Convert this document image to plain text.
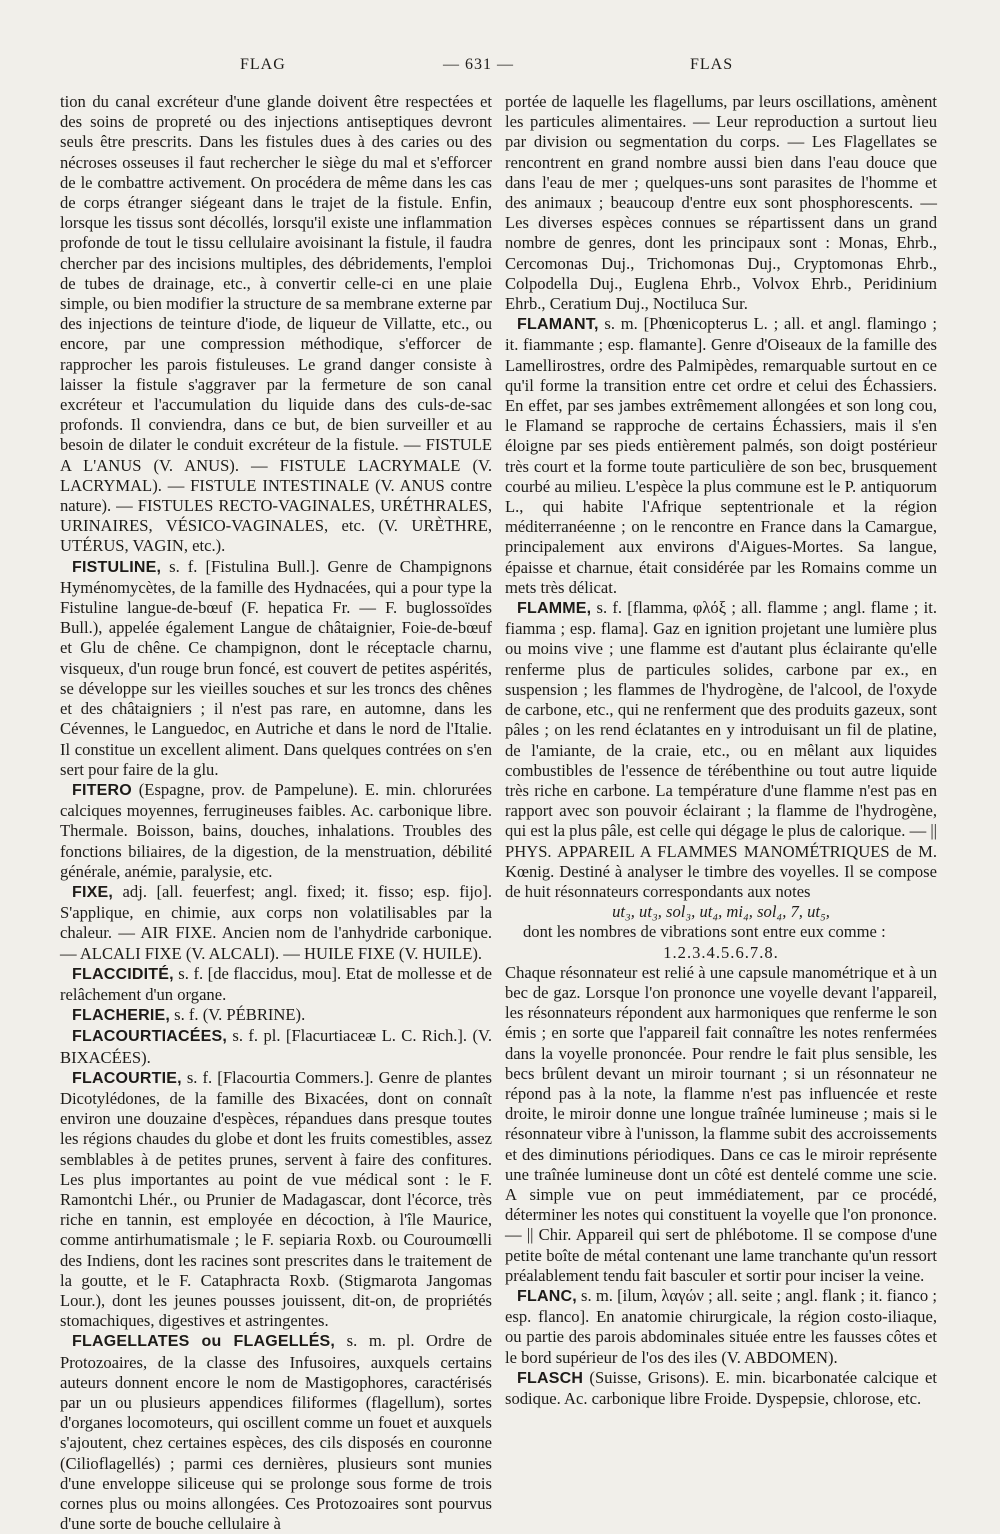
FLAG	— 631 —	FLAS

tion du canal excréteur d'une glande doivent être respectées et des soins de propreté ou des injections antiseptiques devront seuls être prescrits. Dans les fistules dues à des caries ou des nécroses osseuses il faut rechercher le siège du mal et s'efforcer de le combattre activement. On procédera de même dans les cas de corps étranger siégeant dans le trajet de la fistule. Enfin, lorsque les tissus sont décollés, lorsqu'il existe une inflammation profonde de tout le tissu cellulaire avoisinant la fistule, il faudra chercher par des incisions multiples, des débridements, l'emploi de tubes de drainage, etc., à convertir celle-ci en une plaie simple, ou bien modifier la structure de sa membrane externe par des injections de teinture d'iode, de liqueur de Villatte, etc., ou encore, par une compression méthodique, s'efforcer de rapprocher les parois fistuleuses. Le grand danger consiste à laisser la fistule s'aggraver par la fermeture de son canal excréteur et l'accumulation du liquide dans des culs-de-sac profonds. Il conviendra, dans ce but, de bien surveiller et au besoin de dilater le conduit excréteur de la fistule. — FISTULE A L'ANUS (V. ANUS). — FISTULE LACRYMALE (V. LACRYMAL). — FISTULE INTESTINALE (V. ANUS contre nature). — FISTULES RECTO-VAGINALES, URÉTHRALES, URINAIRES, VÉSICO-VAGINALES, etc. (V. URÈTHRE, UTÉRUS, VAGIN, etc.).

FISTULINE, s. f. [Fistulina Bull.]. Genre de Champignons Hyménomycètes, de la famille des Hydnacées, qui a pour type la Fistuline langue-de-bœuf (F. hepatica Fr. — F. buglossoïdes Bull.), appelée également Langue de châtaignier, Foie-de-bœuf et Glu de chêne. Ce champignon, dont le réceptacle charnu, visqueux, d'un rouge brun foncé, est couvert de petites aspérités, se développe sur les vieilles souches et sur les troncs des chênes et des châtaigniers ; il n'est pas rare, en automne, dans les Cévennes, le Languedoc, en Autriche et dans le nord de l'Italie. Il constitue un excellent aliment. Dans quelques contrées on s'en sert pour faire de la glu.

FITERO (Espagne, prov. de Pampelune). E. min. chlorurées calciques moyennes, ferrugineuses faibles. Ac. carbonique libre. Thermale. Boisson, bains, douches, inhalations. Troubles des fonctions biliaires, de la digestion, de la menstruation, débilité générale, anémie, paralysie, etc.

FIXE, adj. [all. feuerfest; angl. fixed; it. fisso; esp. fijo]. S'applique, en chimie, aux corps non volatilisables par la chaleur. — AIR FIXE. Ancien nom de l'anhydride carbonique. — ALCALI FIXE (V. ALCALI). — HUILE FIXE (V. HUILE).

FLACCIDITÉ, s. f. [de flaccidus, mou]. Etat de mollesse et de relâchement d'un organe.

FLACHERIE, s. f. (V. PÉBRINE).

FLACOURTIACÉES, s. f. pl. [Flacurtiaceæ L. C. Rich.]. (V. BIXACÉES).

FLACOURTIE, s. f. [Flacourtia Commers.]. Genre de plantes Dicotylédones, de la famille des Bixacées, dont on connaît environ une douzaine d'espèces, répandues dans presque toutes les régions chaudes du globe et dont les fruits comestibles, assez semblables à de petites prunes, servent à faire des confitures. Les plus importantes au point de vue médical sont : le F. Ramontchi Lhér., ou Prunier de Madagascar, dont l'écorce, très riche en tannin, est employée en décoction, à l'île Maurice, comme antirhumatismale ; le F. sepiaria Roxb. ou Couroumœlli des Indiens, dont les racines sont prescrites dans le traitement de la goutte, et le F. Cataphracta Roxb. (Stigmarota Jangomas Lour.), dont les jeunes pousses jouissent, dit-on, de propriétés stomachiques, digestives et astringentes.

FLAGELLATES ou FLAGELLÉS, s. m. pl. Ordre de Protozoaires, de la classe des Infusoires, auxquels certains auteurs donnent encore le nom de Mastigophores, caractérisés par un ou plusieurs appendices filiformes (flagellum), sortes d'organes locomoteurs, qui oscillent comme un fouet et auxquels s'ajoutent, chez certaines espèces, des cils disposés en couronne (Cilioflagellés) ; parmi ces dernières, plusieurs sont munies d'une enveloppe siliceuse qui se prolonge sous forme de trois cornes plus ou moins allongées. Ces Protozoaires sont pourvus d'une sorte de bouche cellulaire à

portée de laquelle les flagellums, par leurs oscillations, amènent les particules alimentaires. — Leur reproduction a surtout lieu par division ou segmentation du corps. — Les Flagellates se rencontrent en grand nombre aussi bien dans l'eau douce que dans l'eau de mer ; quelques-uns sont parasites de l'homme et des animaux ; beaucoup d'entre eux sont phosphorescents. — Les diverses espèces connues se répartissent dans un grand nombre de genres, dont les principaux sont : Monas, Ehrb., Cercomonas Duj., Trichomonas Duj., Cryptomonas Ehrb., Colpodella Duj., Euglena Ehrb., Volvox Ehrb., Peridinium Ehrb., Ceratium Duj., Noctiluca Sur.

FLAMANT, s. m. [Phœnicopterus L. ; all. et angl. flamingo ; it. fiammante ; esp. flamante]. Genre d'Oiseaux de la famille des Lamellirostres, ordre des Palmipèdes, remarquable surtout en ce qu'il forme la transition entre cet ordre et celui des Échassiers. En effet, par ses jambes extrêmement allongées et son long cou, le Flamand se rapproche de certains Échassiers, mais il s'en éloigne par ses pieds entièrement palmés, son doigt postérieur très court et la forme toute particulière de son bec, brusquement courbé au milieu. L'espèce la plus commune est le P. antiquorum L., qui habite l'Afrique septentrionale et la région méditerranéenne ; on le rencontre en France dans la Camargue, principalement aux environs d'Aigues-Mortes. Sa langue, épaisse et charnue, était considérée par les Romains comme un mets très délicat.

FLAMME, s. f. [flamma, φλόξ ; all. flamme ; angl. flame ; it. fiamma ; esp. flama]. Gaz en ignition projetant une lumière plus ou moins vive ; une flamme est d'autant plus éclairante qu'elle renferme plus de particules solides, carbone par ex., en suspension ; les flammes de l'hydrogène, de l'alcool, de l'oxyde de carbone, etc., qui ne renferment que des produits gazeux, sont pâles ; on les rend éclatantes en y introduisant un fil de platine, de l'amiante, de la craie, etc., ou en mêlant aux liquides combustibles de l'essence de térébenthine ou tout autre liquide très riche en carbone. La température d'une flamme n'est pas en rapport avec son pouvoir éclairant ; la flamme de l'hydrogène, qui est la plus pâle, est celle qui dégage le plus de calorique. — || PHYS. APPAREIL A FLAMMES MANOMÉTRIQUES de M. Kœnig. Destiné à analyser le timbre des voyelles. Il se compose de huit résonnateurs correspondants aux notes

ut₃, ut₃, sol₃, ut₄, mi₄, sol₄, 7, ut₅,

dont les nombres de vibrations sont entre eux comme :

1.2.3.4.5.6.7.8.

Chaque résonnateur est relié à une capsule manométrique et à un bec de gaz. Lorsque l'on prononce une voyelle devant l'appareil, les résonnateurs répondent aux harmoniques que renferme le son émis ; en sorte que l'appareil fait connaître les notes renfermées dans la voyelle prononcée. Pour rendre le fait plus sensible, les becs brûlent devant un miroir tournant ; si un résonnateur ne répond pas à la note, la flamme n'est pas influencée et reste droite, le miroir donne une longue traînée lumineuse ; mais si le résonnateur vibre à l'unisson, la flamme subit des accroissements et des diminutions périodiques. Dans ce cas le miroir représente une traînée lumineuse dont un côté est dentelé comme une scie. A simple vue on peut immédiatement, par ce procédé, déterminer les notes qui constituent la voyelle que l'on prononce. — || Chir. Appareil qui sert de phlébotome. Il se compose d'une petite boîte de métal contenant une lame tranchante qu'un ressort préalablement tendu fait basculer et sortir pour inciser la veine.

FLANC, s. m. [ilum, λαγών ; all. seite ; angl. flank ; it. fianco ; esp. flanco]. En anatomie chirurgicale, la région costo-iliaque, ou partie des parois abdominales située entre les fausses côtes et le bord supérieur de l'os des iles (V. ABDOMEN).

FLASCH (Suisse, Grisons). E. min. bicarbonatée calcique et sodique. Ac. carbonique libre Froide. Dyspepsie, chlorose, etc.
